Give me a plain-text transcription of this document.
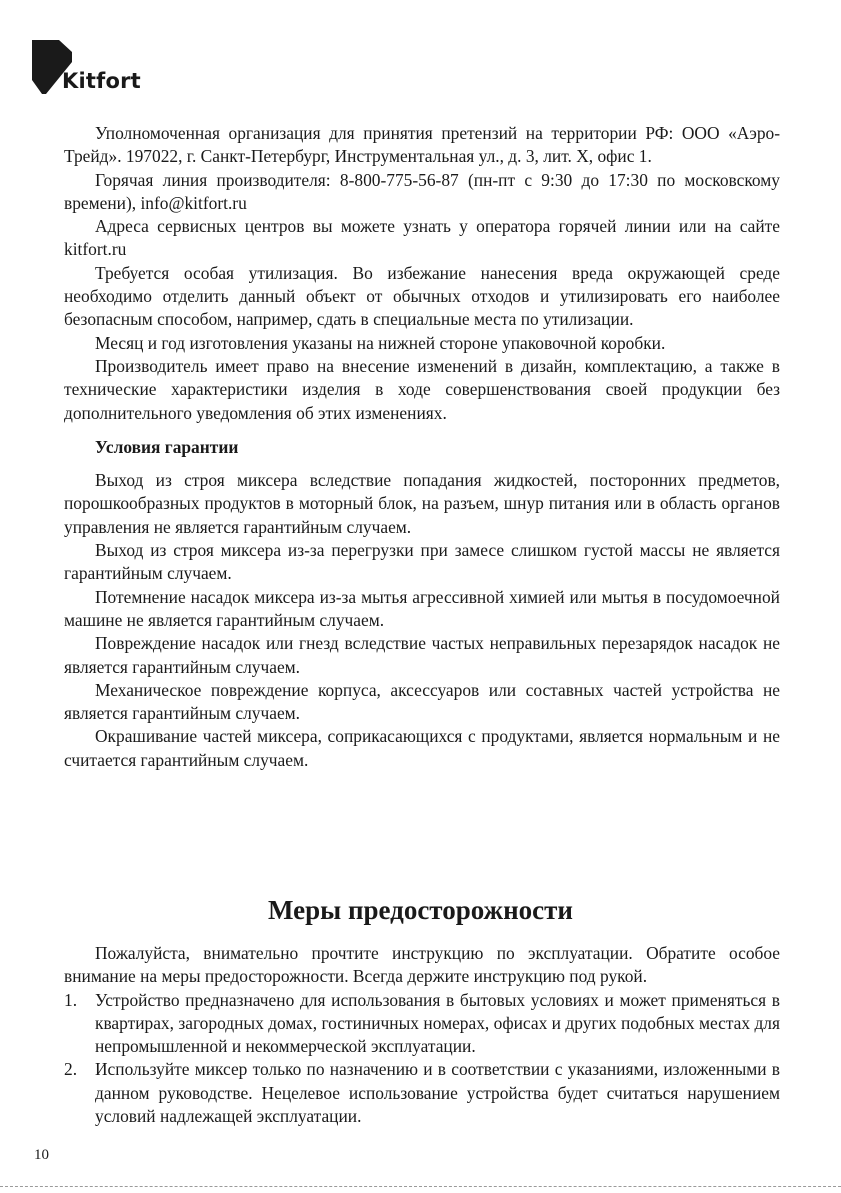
Kitfort

Уполномоченная организация для принятия претензий на территории РФ: ООО «Аэро-Трейд». 197022, г. Санкт-Петербург, Инструментальная ул., д. 3, лит. Х, офис 1.

Горячая линия производителя: 8-800-775-56-87 (пн-пт с 9:30 до 17:30 по московскому времени), info@kitfort.ru

Адреса сервисных центров вы можете узнать у оператора горячей линии или на сайте kitfort.ru

Требуется особая утилизация. Во избежание нанесения вреда окружающей среде необходимо отделить данный объект от обычных отходов и утилизировать его наиболее безопасным способом, например, сдать в специальные места по утилизации.

Месяц и год изготовления указаны на нижней стороне упаковочной коробки.

Производитель имеет право на внесение изменений в дизайн, комплектацию, а также в технические характеристики изделия в ходе совершенствования своей продукции без дополнительного уведомления об этих изменениях.

Условия гарантии

Выход из строя миксера вследствие попадания жидкостей, посторонних предметов, порошкообразных продуктов в моторный блок, на разъем, шнур питания или в область органов управления не является гарантийным случаем.

Выход из строя миксера из-за перегрузки при замесе слишком густой массы не является гарантийным случаем.

Потемнение насадок миксера из-за мытья агрессивной химией или мытья в посудомоечной машине не является гарантийным случаем.

Повреждение насадок или гнезд вследствие частых неправильных перезарядок насадок не является гарантийным случаем.

Механическое повреждение корпуса, аксессуаров или составных частей устройства не является гарантийным случаем.

Окрашивание частей миксера, соприкасающихся с продуктами, является нормальным и не считается гарантийным случаем.

Меры предосторожности

Пожалуйста, внимательно прочтите инструкцию по эксплуатации. Обратите особое внимание на меры предосторожности. Всегда держите инструкцию под рукой.

1. Устройство предназначено для использования в бытовых условиях и может применяться в квартирах, загородных домах, гостиничных номерах, офисах и других подобных местах для непромышленной и некоммерческой эксплуатации.
2. Используйте миксер только по назначению и в соответствии с указаниями, изложенными в данном руководстве. Нецелевое использование устройства будет считаться нарушением условий надлежащей эксплуатации.
10
